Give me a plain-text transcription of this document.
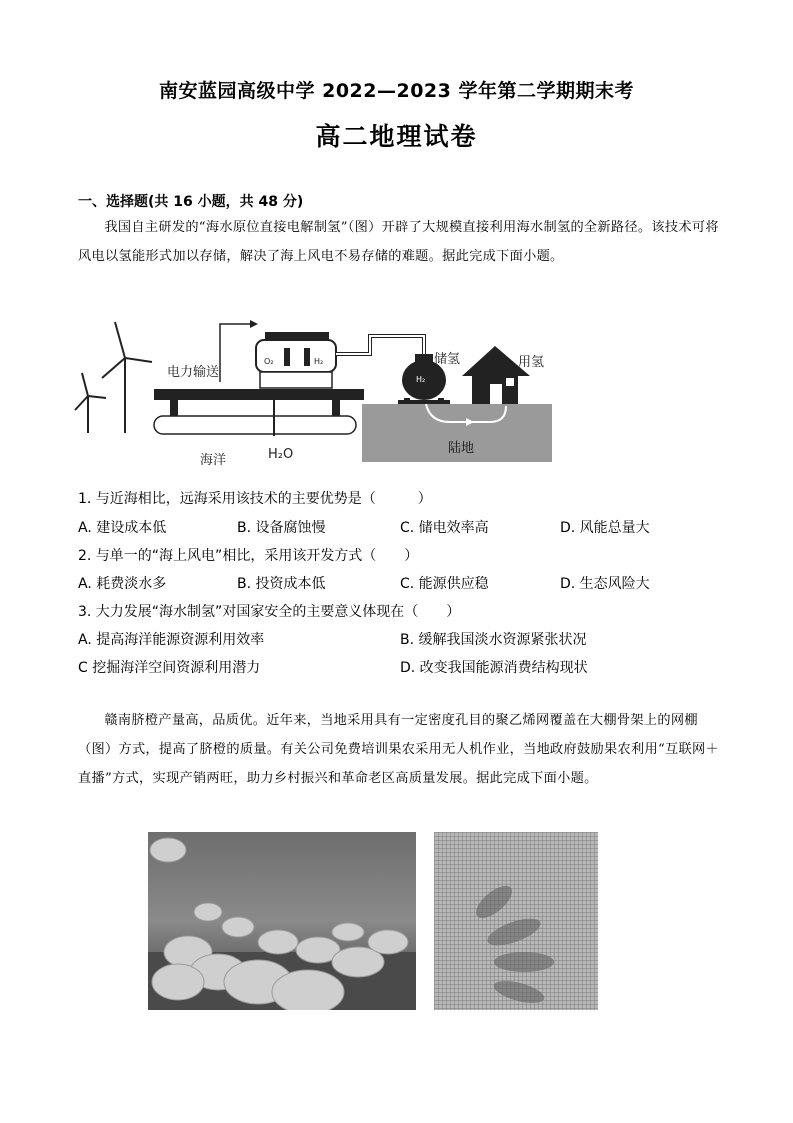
南安蓝园高级中学 2022—2023 学年第二学期期末考
高二地理试卷
一、选择题(共 16 小题，共 48 分)
我国自主研发的“海水原位直接电解制氢”（图）开辟了大规模直接利用海水制氢的全新路径。该技术可将风电以氢能形式加以存储，解决了海上风电不易存储的难题。据此完成下面小题。
电力输送
O₂	H₂
陆地
H₂
储氢	用氢
海洋	H₂O
1. 与近海相比，远海采用该技术的主要优势是（　　　）
A. 建设成本低	B. 设备腐蚀慢	C. 储电效率高	D. 风能总量大
2. 与单一的“海上风电”相比，采用该开发方式（　　）
A. 耗费淡水多	B. 投资成本低	C. 能源供应稳	D. 生态风险大
3. 大力发展“海水制氢”对国家安全的主要意义体现在（　　）
A. 提高海洋能源资源利用效率	B. 缓解我国淡水资源紧张状况
C 挖掘海洋空间资源利用潜力	D. 改变我国能源消费结构现状
赣南脐橙产量高，品质优。近年来，当地采用具有一定密度孔目的聚乙烯网覆盖在大棚骨架上的网棚（图）方式，提高了脐橙的质量。有关公司免费培训果农采用无人机作业，当地政府鼓励果农利用“互联网＋直播”方式，实现产销两旺，助力乡村振兴和革命老区高质量发展。据此完成下面小题。
